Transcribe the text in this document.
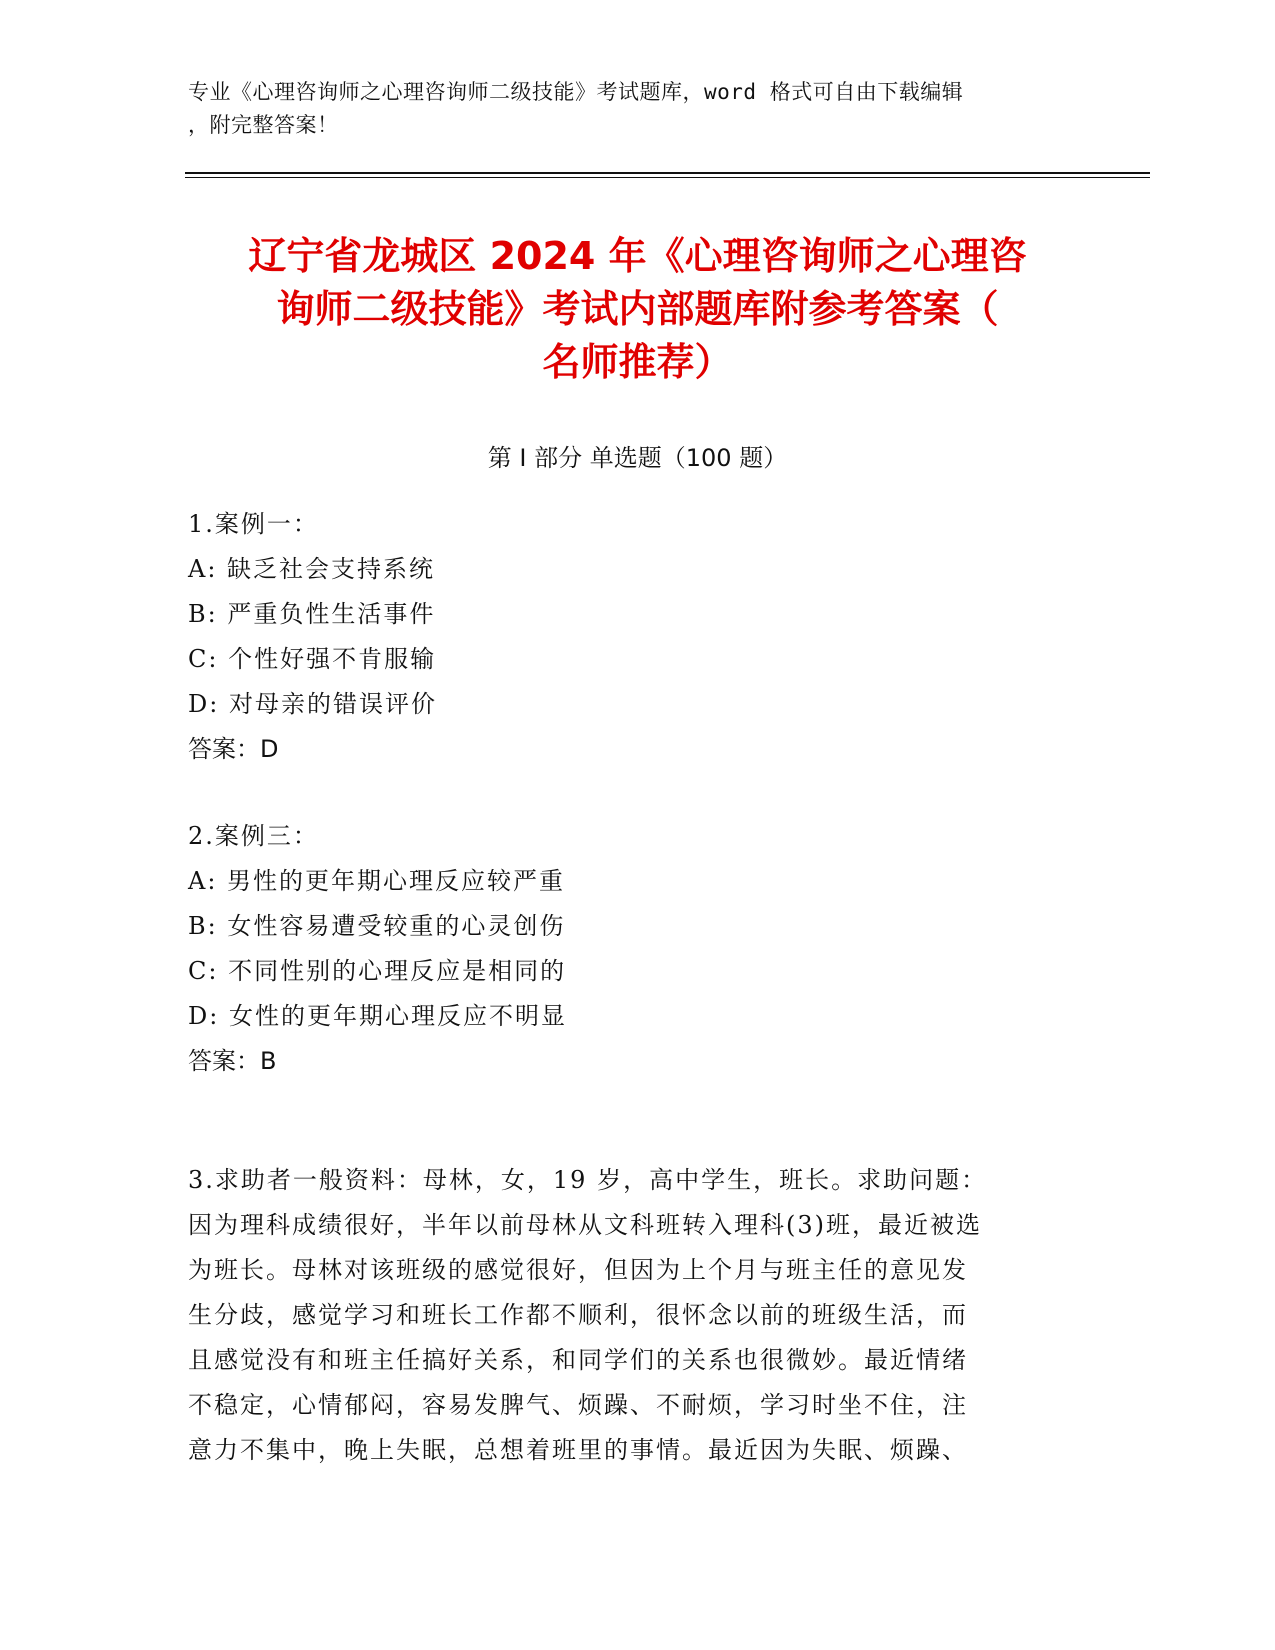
专业《心理咨询师之心理咨询师二级技能》考试题库，word 格式可自由下载编辑
，附完整答案！
辽宁省龙城区 2024 年《心理咨询师之心理咨
询师二级技能》考试内部题库附参考答案（
名师推荐）
第 I 部分 单选题（100 题）
1.案例一：
A: 缺乏社会支持系统
B: 严重负性生活事件
C: 个性好强不肯服输
D: 对母亲的错误评价
答案：D
2.案例三：
A: 男性的更年期心理反应较严重
B: 女性容易遭受较重的心灵创伤
C: 不同性别的心理反应是相同的
D: 女性的更年期心理反应不明显
答案：B
3.求助者一般资料：母林，女，19 岁，高中学生，班长。求助问题：
因为理科成绩很好，半年以前母林从文科班转入理科(3)班，最近被选
为班长。母林对该班级的感觉很好，但因为上个月与班主任的意见发
生分歧，感觉学习和班长工作都不顺利，很怀念以前的班级生活，而
且感觉没有和班主任搞好关系，和同学们的关系也很微妙。最近情绪
不稳定，心情郁闷，容易发脾气、烦躁、不耐烦，学习时坐不住，注
意力不集中，晚上失眠，总想着班里的事情。最近因为失眠、烦躁、
